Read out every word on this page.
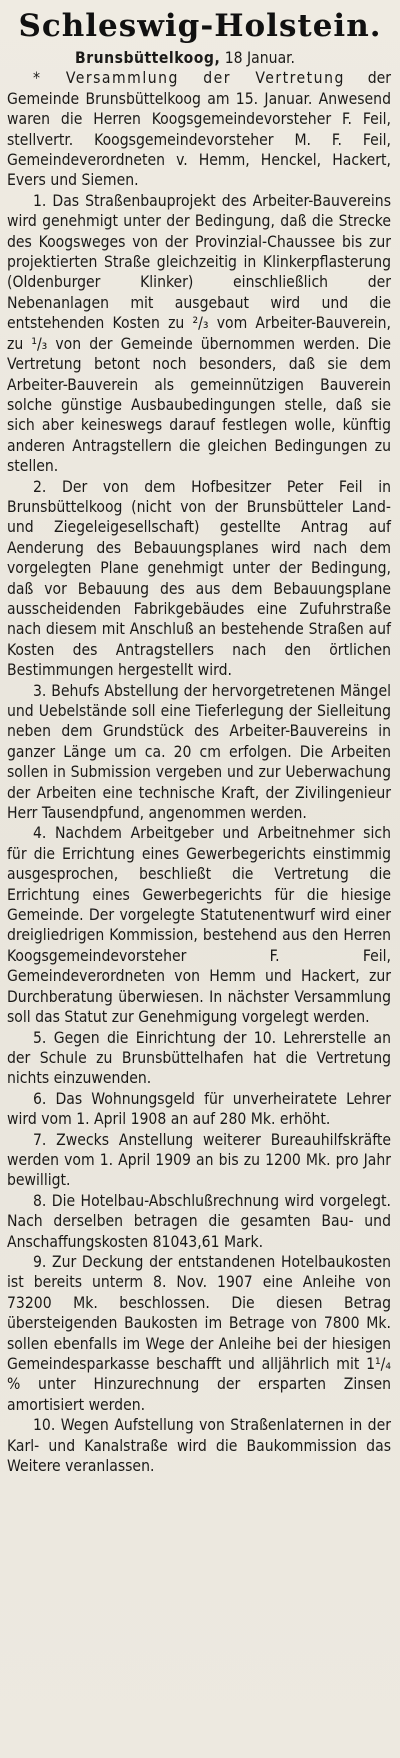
Schleswig-Holstein.

Brunsbüttelkoog, 18 Januar.

* Versammlung der Vertretung der Gemeinde Brunsbüttelkoog am 15. Januar. Anwesend waren die Herren Koogsgemeindevorsteher F. Feil, stellvertr. Koogsgemeindevorsteher M. F. Feil, Gemeindeverordneten v. Hemm, Henckel, Hackert, Evers und Siemen.

1. Das Straßenbauprojekt des Arbeiter-Bauvereins wird genehmigt unter der Bedingung, daß die Strecke des Koogsweges von der Provinzial-Chaussee bis zur projektierten Straße gleichzeitig in Klinkerpflasterung (Oldenburger Klinker) einschließlich der Nebenanlagen mit ausgebaut wird und die entstehenden Kosten zu ²/₃ vom Arbeiter-Bauverein, zu ¹/₃ von der Gemeinde übernommen werden. Die Vertretung betont noch besonders, daß sie dem Arbeiter-Bauverein als gemeinnützigen Bauverein solche günstige Ausbaubedingungen stelle, daß sie sich aber keineswegs darauf festlegen wolle, künftig anderen Antragstellern die gleichen Bedingungen zu stellen.

2. Der von dem Hofbesitzer Peter Feil in Brunsbüttelkoog (nicht von der Brunsbütteler Land- und Ziegeleigesellschaft) gestellte Antrag auf Aenderung des Bebauungsplanes wird nach dem vorgelegten Plane genehmigt unter der Bedingung, daß vor Bebauung des aus dem Bebauungsplane ausscheidenden Fabrikgebäudes eine Zufuhrstraße nach diesem mit Anschluß an bestehende Straßen auf Kosten des Antragstellers nach den örtlichen Bestimmungen hergestellt wird.

3. Behufs Abstellung der hervorgetretenen Mängel und Uebelstände soll eine Tieferlegung der Sielleitung neben dem Grundstück des Arbeiter-Bauvereins in ganzer Länge um ca. 20 cm erfolgen. Die Arbeiten sollen in Submission vergeben und zur Ueberwachung der Arbeiten eine technische Kraft, der Zivilingenieur Herr Tausendpfund, angenommen werden.

4. Nachdem Arbeitgeber und Arbeitnehmer sich für die Errichtung eines Gewerbegerichts einstimmig ausgesprochen, beschließt die Vertretung die Errichtung eines Gewerbegerichts für die hiesige Gemeinde. Der vorgelegte Statutenentwurf wird einer dreigliedrigen Kommission, bestehend aus den Herren Koogsgemeindevorsteher F. Feil, Gemeindeverordneten von Hemm und Hackert, zur Durchberatung überwiesen. In nächster Versammlung soll das Statut zur Genehmigung vorgelegt werden.

5. Gegen die Einrichtung der 10. Lehrerstelle an der Schule zu Brunsbüttelhafen hat die Vertretung nichts einzuwenden.

6. Das Wohnungsgeld für unverheiratete Lehrer wird vom 1. April 1908 an auf 280 Mk. erhöht.

7. Zwecks Anstellung weiterer Bureauhilfskräfte werden vom 1. April 1909 an bis zu 1200 Mk. pro Jahr bewilligt.

8. Die Hotelbau-Abschlußrechnung wird vorgelegt. Nach derselben betragen die gesamten Bau- und Anschaffungskosten 81043,61 Mark.

9. Zur Deckung der entstandenen Hotelbaukosten ist bereits unterm 8. Nov. 1907 eine Anleihe von 73200 Mk. beschlossen. Die diesen Betrag übersteigenden Baukosten im Betrage von 7800 Mk. sollen ebenfalls im Wege der Anleihe bei der hiesigen Gemeindesparkasse beschafft und alljährlich mit 1¹/₄ % unter Hinzurechnung der ersparten Zinsen amortisiert werden.

10. Wegen Aufstellung von Straßenlaternen in der Karl- und Kanalstraße wird die Baukommission das Weitere veranlassen.
